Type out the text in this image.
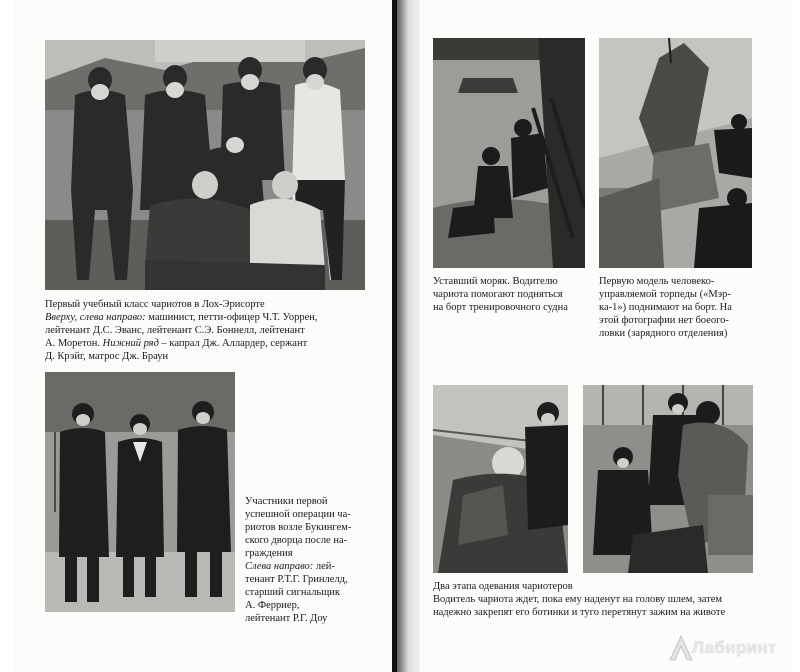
Первый учебный класс чариотов в Лох-Эрисорте

Вверху, слева направо: машинист, петти-офицер Ч.Т. Уоррен,

лейтенант Д.С. Эванс, лейтенант С.Э. Боннелл, лейтенант

А. Моретон. Нижний ряд – капрал Дж. Аллардер, сержант

Д. Крэйг, матрос Дж. Браун

Участники первой

успешной операции ча-

риотов возле Букингем-

ского дворца после на-

граждения

Слева направо: лей-

тенант Р.Т.Г. Гринлелд,

старший сигнальщик

А. Ферриер,

лейтенант Р.Г. Доу

Уставший моряк. Водителю

чариота помогают подняться

на борт тренировочного судна

Первую модель человеко-

управляемой торпеды («Мэр-

ка-1») поднимают на борт. На

этой фотографии нет боеого-

ловки (зарядного отделения)

Два этапа одевания чариотеров

Водитель чариота ждет, пока ему наденут на голову шлем, затем

надежно закрепят его ботинки и туго перетянут зажим на животе

Лабиринт
